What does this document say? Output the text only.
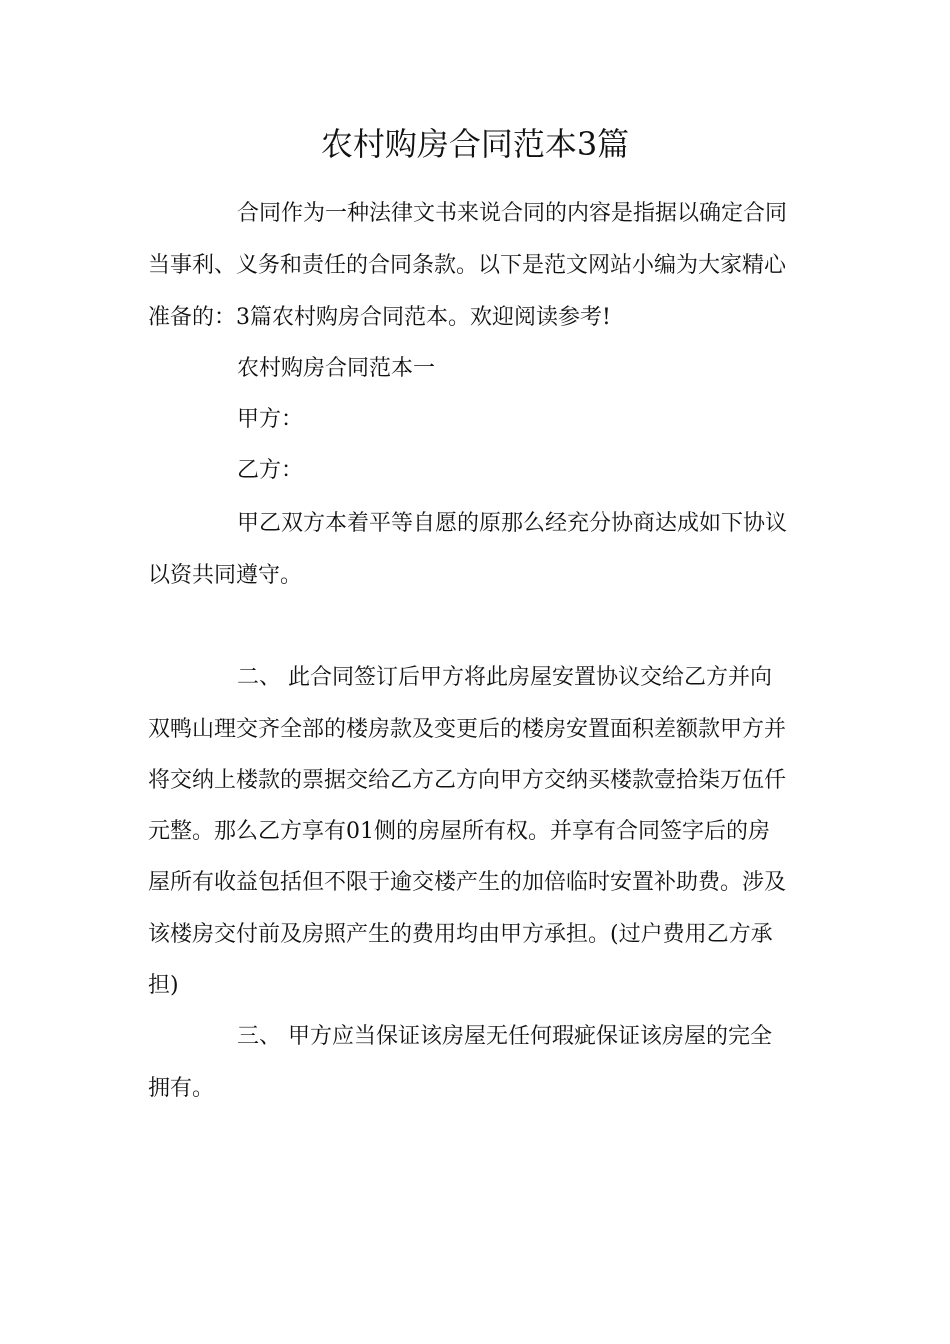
农村购房合同范本3篇
合同作为一种法律文书来说合同的内容是指据以确定合同
当事利、义务和责任的合同条款。以下是范文网站小编为大家精心
准备的：3篇农村购房合同范本。欢迎阅读参考!
农村购房合同范本一
甲方：
乙方：
甲乙双方本着平等自愿的原那么经充分协商达成如下协议
以资共同遵守。
二、 此合同签订后甲方将此房屋安置协议交给乙方并向
双鸭山理交齐全部的楼房款及变更后的楼房安置面积差额款甲方并
将交纳上楼款的票据交给乙方乙方向甲方交纳买楼款壹拾柒万伍仟
元整。那么乙方享有01侧的房屋所有权。并享有合同签字后的房
屋所有收益包括但不限于逾交楼产生的加倍临时安置补助费。涉及
该楼房交付前及房照产生的费用均由甲方承担。(过户费用乙方承
担)
三、 甲方应当保证该房屋无任何瑕疵保证该房屋的完全
拥有。
